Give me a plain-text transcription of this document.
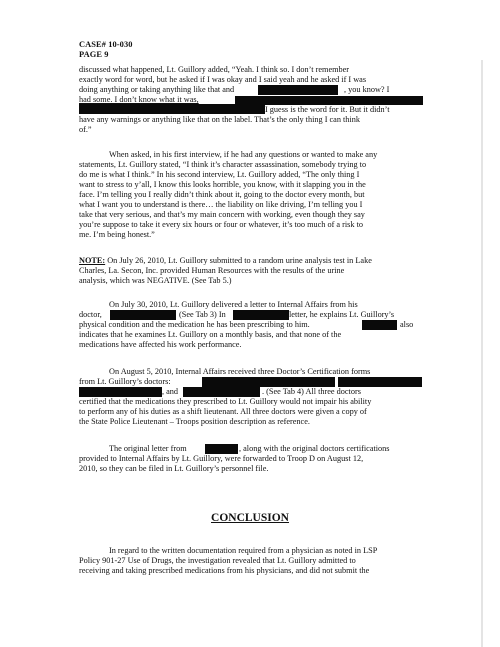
CASE# 10-030
PAGE 9
discussed what happened, Lt. Guillory added, “Yeah. I think so. I don’t remember
exactly word for word, but he asked if I was okay and I said yeah and he asked if I was
doing anything or taking anything like that and	, you know? I
had some. I don’t know what it was,
I guess is the word for it. But it didn’t
have any warnings or anything like that on the label. That’s the only thing I can think
of.”
When asked, in his first interview, if he had any questions or wanted to make any
statements, Lt. Guillory stated, “I think it’s character assassination, somebody trying to
do me is what I think.” In his second interview, Lt. Guillory added, “The only thing I
want to stress to y’all, I know this looks horrible, you know, with it slapping you in the
face. I’m telling you I really didn’t think about it, going to the doctor every month, but
what I want you to understand is there… the liability on like driving, I’m telling you I
take that very serious, and that’s my main concern with working, even though they say
you’re suppose to take it every six hours or four or whatever, it’s too much of a risk to
me. I’m being honest.”
NOTE: On July 26, 2010, Lt. Guillory submitted to a random urine analysis test in Lake
Charles, La. Secon, Inc. provided Human Resources with the results of the urine
analysis, which was NEGATIVE. (See Tab 5.)
On July 30, 2010, Lt. Guillory delivered a letter to Internal Affairs from his
doctor,	(See Tab 3) In	letter, he explains Lt. Guillory’s
physical condition and the medication he has been prescribing to him.	also
indicates that he examines Lt. Guillory on a monthly basis, and that none of the
medications have affected his work performance.
On August 5, 2010, Internal Affairs received three Doctor’s Certification forms
from Lt. Guillory’s doctors:
, and	. (See Tab 4) All three doctors
certified that the medications they prescribed to Lt. Guillory would not impair his ability
to perform any of his duties as a shift lieutenant. All three doctors were given a copy of
the State Police Lieutenant – Troops position description as reference.
The original letter from	, along with the original doctors certifications
provided to Internal Affairs by Lt. Guillory, were forwarded to Troop D on August 12,
2010, so they can be filed in Lt. Guillory’s personnel file.
CONCLUSION
In regard to the written documentation required from a physician as noted in LSP
Policy 901-27 Use of Drugs, the investigation revealed that Lt. Guillory admitted to
receiving and taking prescribed medications from his physicians, and did not submit the
